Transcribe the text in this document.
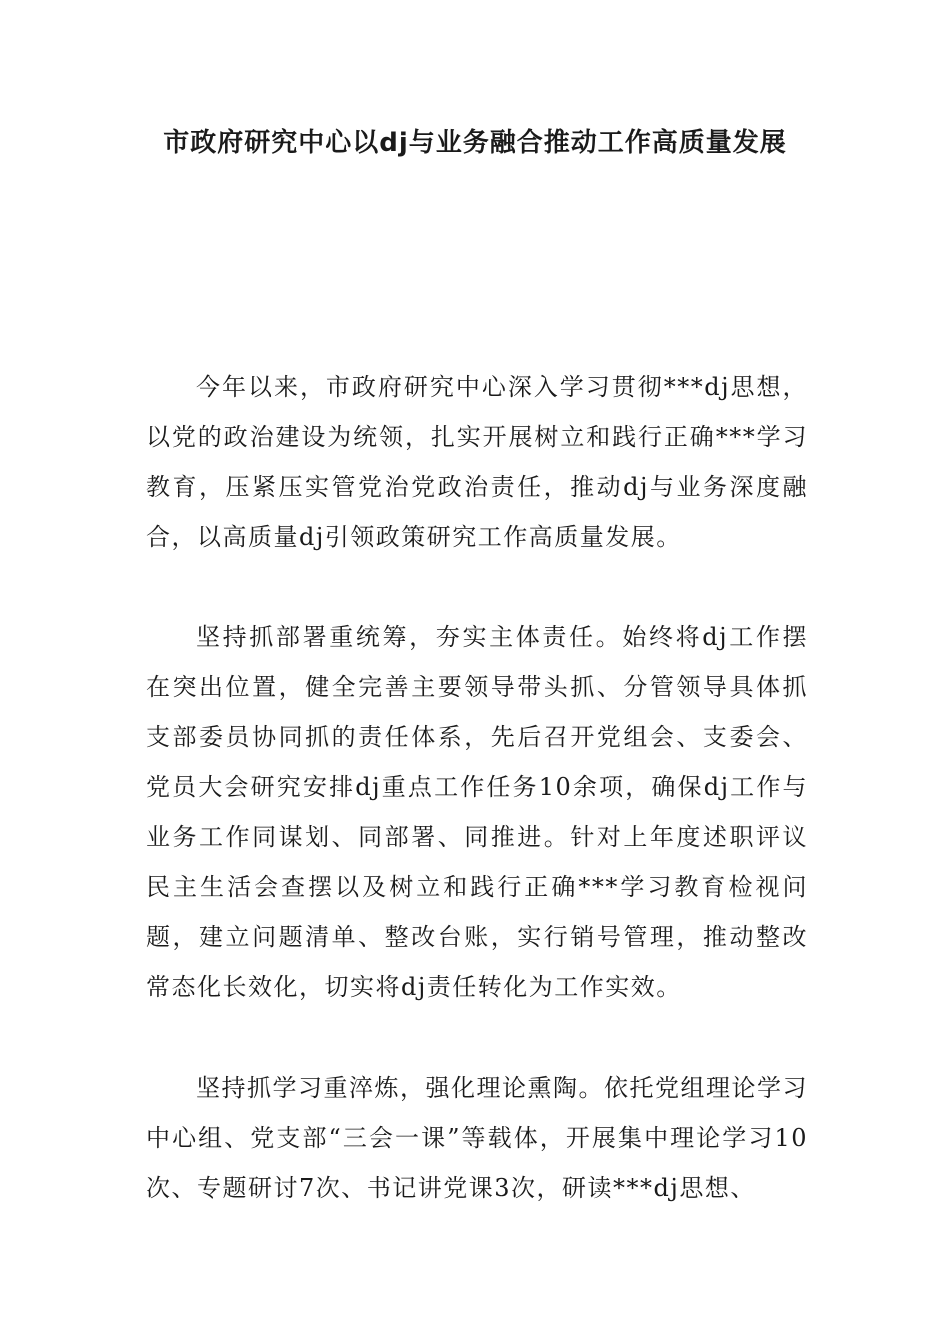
市政府研究中心以dj与业务融合推动工作高质量发展

今年以来，市政府研究中心深入学习贯彻***dj思想，以党的政治建设为统领，扎实开展树立和践行正确***学习教育，压紧压实管党治党政治责任，推动dj与业务深度融合，以高质量dj引领政策研究工作高质量发展。

坚持抓部署重统筹，夯实主体责任。始终将dj工作摆在突出位置，健全完善主要领导带头抓、分管领导具体抓支部委员协同抓的责任体系，先后召开党组会、支委会、党员大会研究安排dj重点工作任务10余项，确保dj工作与业务工作同谋划、同部署、同推进。针对上年度述职评议民主生活会查摆以及树立和践行正确***学习教育检视问题，建立问题清单、整改台账，实行销号管理，推动整改常态化长效化，切实将dj责任转化为工作实效。

坚持抓学习重淬炼，强化理论熏陶。依托党组理论学习中心组、党支部“三会一课”等载体，开展集中理论学习10次、专题研讨7次、书记讲党课3次，研读***dj思想、
